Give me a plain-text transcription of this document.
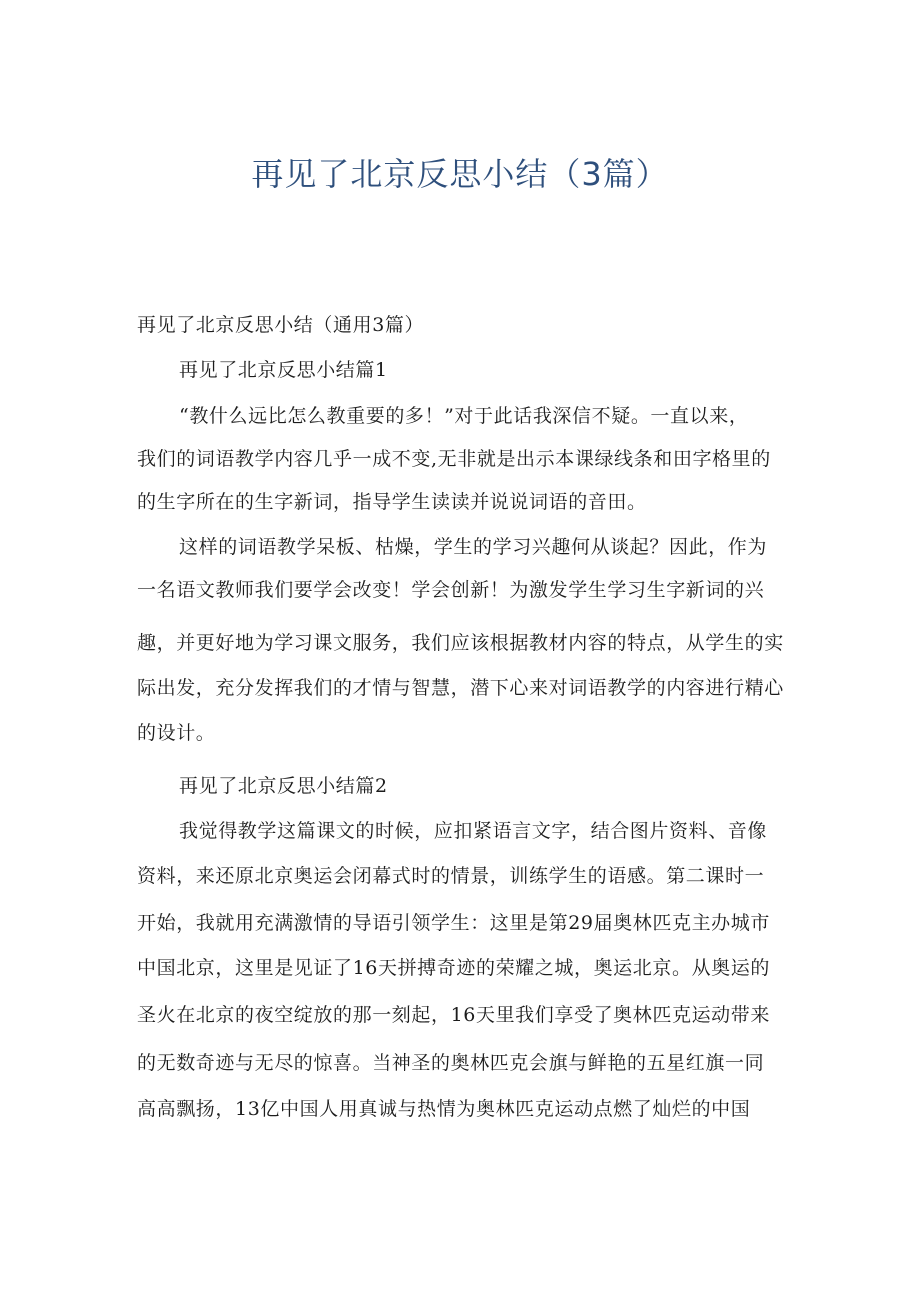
再见了北京反思小结（3篇）

再见了北京反思小结（通用3篇）

再见了北京反思小结篇1

“教什么远比怎么教重要的多！”对于此话我深信不疑。一直以来，

我们的词语教学内容几乎一成不变,无非就是出示本课绿线条和田字格里的

的生字所在的生字新词，指导学生读读并说说词语的音田。

这样的词语教学呆板、枯燥，学生的学习兴趣何从谈起？因此，作为

一名语文教师我们要学会改变！学会创新！为激发学生学习生字新词的兴

趣，并更好地为学习课文服务，我们应该根据教材内容的特点，从学生的实

际出发，充分发挥我们的才情与智慧，潜下心来对词语教学的内容进行精心

的设计。

再见了北京反思小结篇2

我觉得教学这篇课文的时候，应扣紧语言文字，结合图片资料、音像

资料，来还原北京奥运会闭幕式时的情景，训练学生的语感。第二课时一

开始，我就用充满激情的导语引领学生：这里是第29届奥林匹克主办城市

中国北京，这里是见证了16天拼搏奇迹的荣耀之城，奥运北京。从奥运的

圣火在北京的夜空绽放的那一刻起，16天里我们享受了奥林匹克运动带来

的无数奇迹与无尽的惊喜。当神圣的奥林匹克会旗与鲜艳的五星红旗一同

高高飘扬，13亿中国人用真诚与热情为奥林匹克运动点燃了灿烂的中国
